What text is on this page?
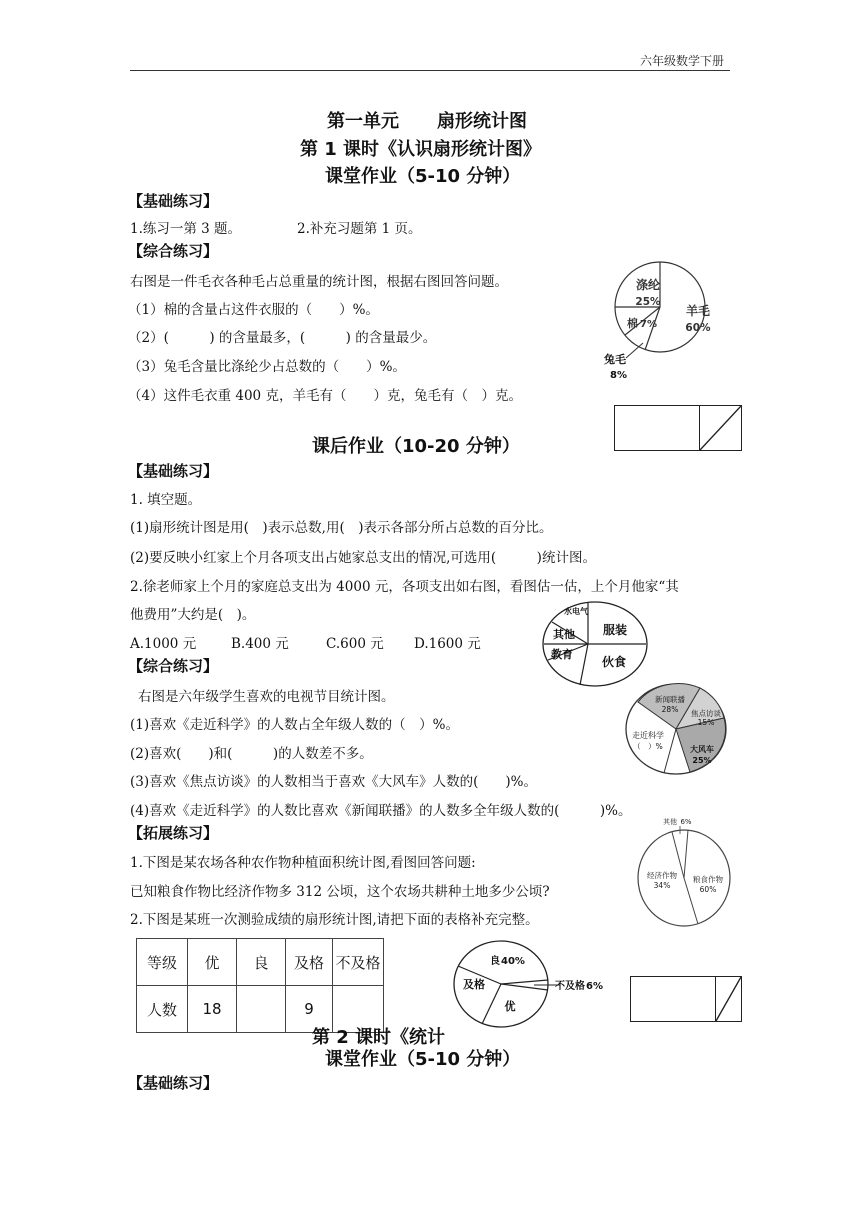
六年级数学下册
第一单元 扇形统计图
第 1 课时《认识扇形统计图》
课堂作业（5-10 分钟）
【基础练习】
1.练习一第 3 题。	2.补充习题第 1 页。
【综合练习】
右图是一件毛衣各种毛占总重量的统计图，根据右图回答问题。
（1）棉的含量占这件衣服的（　　）%。
（2）(　　　) 的含量最多，(　　　) 的含量最少。
（3）兔毛含量比涤纶少占总数的（　　）%。
（4）这件毛衣重 400 克，羊毛有（　　）克，兔毛有（　）克。
涤纶
25%
羊毛
60%
棉 7%
兔毛
8%
课后作业（10-20 分钟）
【基础练习】
1. 填空题。
(1)扇形统计图是用(　)表示总数,用(　)表示各部分所占总数的百分比。
(2)要反映小红家上个月各项支出占她家总支出的情况,可选用(　　　)统计图。
2.徐老师家上个月的家庭总支出为 4000 元，各项支出如右图，看图估一估，上个月他家“其
他费用”大约是(　)。
A.1000 元	B.400 元	C.600 元 D.1600 元
服装
伙食
教育
其他
水电气
【综合练习】
右图是六年级学生喜欢的电视节目统计图。
(1)喜欢《走近科学》的人数占全年级人数的（　）%。
(2)喜欢(　　)和(　　　)的人数差不多。
(3)喜欢《焦点访谈》的人数相当于喜欢《大风车》人数的(　　)%。
(4)喜欢《走近科学》的人数比喜欢《新闻联播》的人数多全年级人数的(　　　)%。
新闻联播
28% 焦点访谈
15%
大风车
25%
走近科学
（　）%
【拓展练习】
1.下图是某农场各种农作物种植面积统计图,看图回答问题:
已知粮食作物比经济作物多 312 公顷，这个农场共耕种土地多少公顷?
2.下图是某班一次测验成绩的扇形统计图,请把下面的表格补充完整。
其他 6%
经济作物
34%
粮食作物
60%
等级	优	良	及格	不及格
人数	18		9	
良 40%
不及格 6%
优
及格
第 2 课时《统计
课堂作业（5-10 分钟）
【基础练习】
